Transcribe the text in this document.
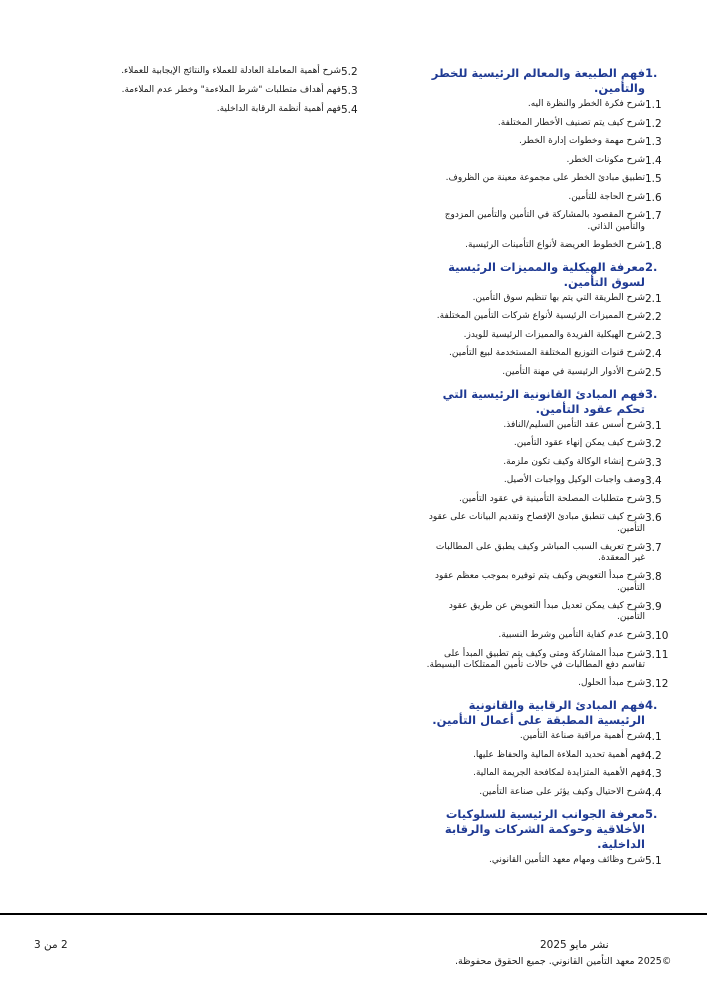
1.
فهم الطبيعة والمعالم الرئيسية للخطر والتأمين.
1.1
شرح فكرة الخطر والنظرة اليه.
1.2
شرح كيف يتم تصنيف الأخطار المختلفة.
1.3
شرح مهمة وخطوات إدارة الخطر.
1.4
شرح مكونات الخطر.
1.5
تطبيق مبادئ الخطر على مجموعة معينة من الظروف.
1.6
شرح الحاجة للتأمين.
1.7
شرح المقصود بالمشاركة في التأمين والتأمين المزدوج والتأمين الذاتي.
1.8
شرح الخطوط العريضة لأنواع التأمينات الرئيسية.
2.
معرفة الهيكلية والمميزات الرئيسية لسوق التأمين.
2.1
شرح الطريقة التي يتم بها تنظيم سوق التأمين.
2.2
شرح المميزات الرئيسية لأنواع شركات التأمين المختلفة.
2.3
شرح الهيكلية الفريدة والمميزات الرئيسية للويدز.
2.4
شرح قنوات التوزيع المختلفة المستخدمة لبيع التأمين.
2.5
شرح الأدوار الرئيسية في مهنة التأمين.
3.
فهم المبادئ القانونية الرئيسية التي تحكم عقود التأمين.
3.1
شرح أسس عقد التأمين السليم/النافذ.
3.2
شرح كيف يمكن إنهاء عقود التأمين.
3.3
شرح إنشاء الوكالة وكيف تكون ملزمة.
3.4
وصف واجبات الوكيل وواجبات الأصيل.
3.5
شرح متطلبات المصلحة التأمينية في عقود التأمين.
3.6
شرح كيف تنطبق مبادئ الإفصاح وتقديم البيانات على عقود التأمين.
3.7
شرح تعريف السبب المباشر وكيف يطبق على المطالبات غير المعقدة.
3.8
شرح مبدأ التعويض وكيف يتم توفيره بموجب معظم عقود التأمين.
3.9
شرح كيف يمكن تعديل مبدأ التعويض عن طريق عقود التأمين.
3.10
شرح عدم كفاية التأمين وشرط النسبية.
3.11
شرح مبدأ المشاركة ومتى وكيف يتم تطبيق المبدأ على تقاسم دفع المطالبات في حالات تأمين الممتلكات البسيطة.
3.12
شرح مبدأ الحلول.
4.
فهم المبادئ الرقابية والقانونية الرئيسية المطبقة على أعمال التأمين.
4.1
شرح أهمية مراقبة صناعة التأمين.
4.2
فهم أهمية تحديد الملاءة المالية والحفاظ عليها.
4.3
فهم الأهمية المتزايدة لمكافحة الجريمة المالية.
4.4
شرح الاحتيال وكيف يؤثر على صناعة التأمين.
5.
معرفة الجوانب الرئيسية للسلوكيات الأخلاقية وحوكمة الشركات والرقابة الداخلية.
5.1
شرح وظائف ومهام معهد التأمين القانوني.
5.2
شرح أهمية المعاملة العادلة للعملاء والنتائج الإيجابية للعملاء.
5.3
فهم أهداف متطلبات "شرط الملاءمة" وخطر عدم الملاءمة.
5.4
فهم أهمية أنظمة الرقابة الداخلية.
نشر مايو 2025
©2025 معهد التأمين القانوني. جميع الحقوق محفوظة.
2 من 3
